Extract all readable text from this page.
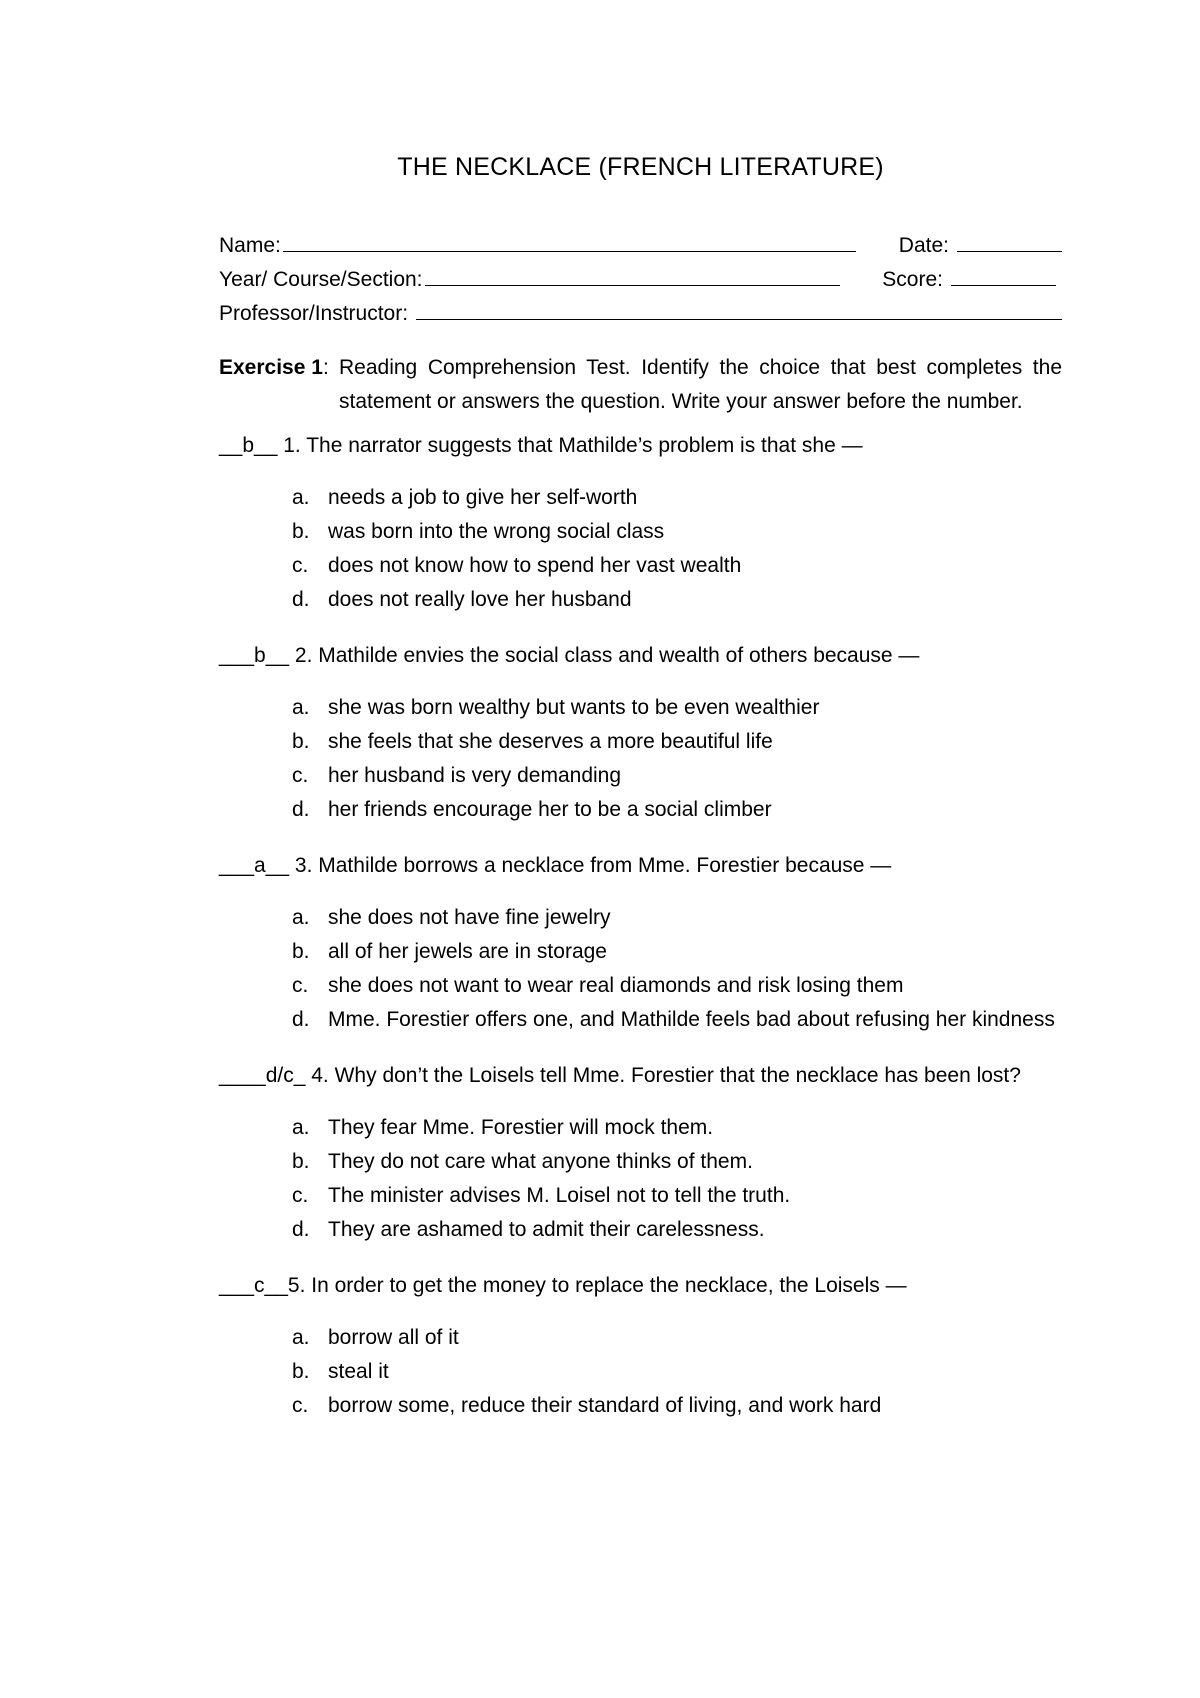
THE NECKLACE (FRENCH LITERATURE)
Name:	Date:
Year/ Course/Section:	Score:
Professor/Instructor:
Exercise 1: Reading Comprehension Test. Identify the choice that best completes the statement or answers the question. Write your answer before the number.
__b__ 1. The narrator suggests that Mathilde’s problem is that she —
a. needs a job to give her self-worth
b. was born into the wrong social class
c. does not know how to spend her vast wealth
d. does not really love her husband
___b__ 2. Mathilde envies the social class and wealth of others because —
a. she was born wealthy but wants to be even wealthier
b. she feels that she deserves a more beautiful life
c. her husband is very demanding
d. her friends encourage her to be a social climber
___a__ 3. Mathilde borrows a necklace from Mme. Forestier because —
a. she does not have fine jewelry
b. all of her jewels are in storage
c. she does not want to wear real diamonds and risk losing them
d. Mme. Forestier offers one, and Mathilde feels bad about refusing her kindness
____d/c_ 4. Why don’t the Loisels tell Mme. Forestier that the necklace has been lost?
a. They fear Mme. Forestier will mock them.
b. They do not care what anyone thinks of them.
c. The minister advises M. Loisel not to tell the truth.
d. They are ashamed to admit their carelessness.
___c__5. In order to get the money to replace the necklace, the Loisels —
a. borrow all of it
b. steal it
c. borrow some, reduce their standard of living, and work hard
